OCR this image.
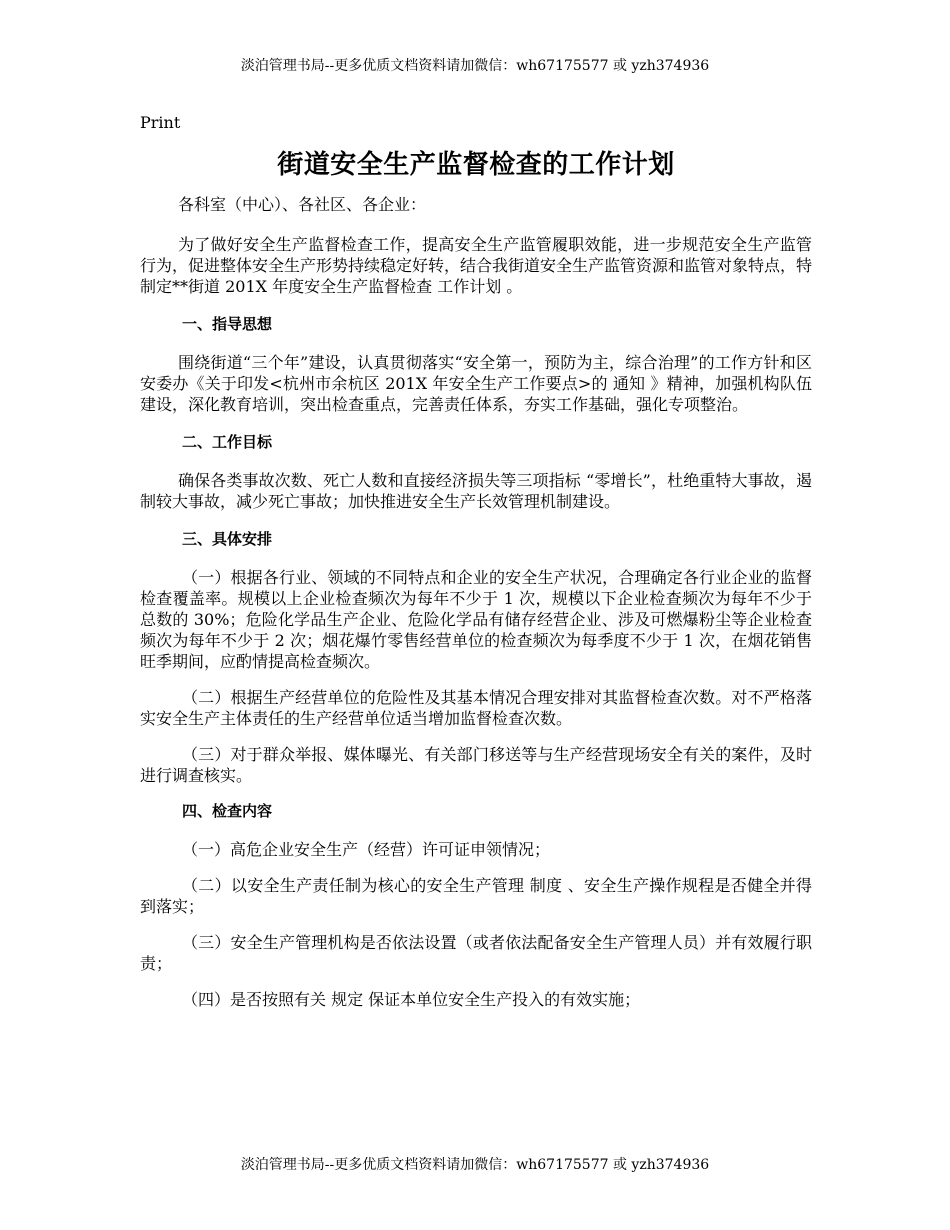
淡泊管理书局--更多优质文档资料请加微信：wh67175577 或 yzh374936
Print
街道安全生产监督检查的工作计划

各科室（中心）、各社区、各企业：

为了做好安全生产监督检查工作，提高安全生产监管履职效能，进一步规范安全生产监管行为，促进整体安全生产形势持续稳定好转，结合我街道安全生产监管资源和监管对象特点，特制定**街道 201X 年度安全生产监督检查 工作计划 。

一、指导思想

围绕街道“三个年”建设，认真贯彻落实“安全第一，预防为主，综合治理”的工作方针和区安委办《关于印发<杭州市余杭区 201X 年安全生产工作要点>的 通知 》精神，加强机构队伍建设，深化教育培训，突出检查重点，完善责任体系，夯实工作基础，强化专项整治。

二、工作目标

确保各类事故次数、死亡人数和直接经济损失等三项指标 “零增长”，杜绝重特大事故，遏制较大事故，减少死亡事故；加快推进安全生产长效管理机制建设。

三、具体安排

（一）根据各行业、领域的不同特点和企业的安全生产状况，合理确定各行业企业的监督检查覆盖率。规模以上企业检查频次为每年不少于 1 次，规模以下企业检查频次为每年不少于总数的 30%；危险化学品生产企业、危险化学品有储存经营企业、涉及可燃爆粉尘等企业检查频次为每年不少于 2 次；烟花爆竹零售经营单位的检查频次为每季度不少于 1 次，在烟花销售旺季期间，应酌情提高检查频次。

（二）根据生产经营单位的危险性及其基本情况合理安排对其监督检查次数。对不严格落实安全生产主体责任的生产经营单位适当增加监督检查次数。

（三）对于群众举报、媒体曝光、有关部门移送等与生产经营现场安全有关的案件，及时进行调查核实。

四、检查内容

（一）高危企业安全生产（经营）许可证申领情况；

（二）以安全生产责任制为核心的安全生产管理 制度 、安全生产操作规程是否健全并得到落实；

（三）安全生产管理机构是否依法设置（或者依法配备安全生产管理人员）并有效履行职责；

（四）是否按照有关 规定 保证本单位安全生产投入的有效实施；

淡泊管理书局--更多优质文档资料请加微信：wh67175577 或 yzh374936
